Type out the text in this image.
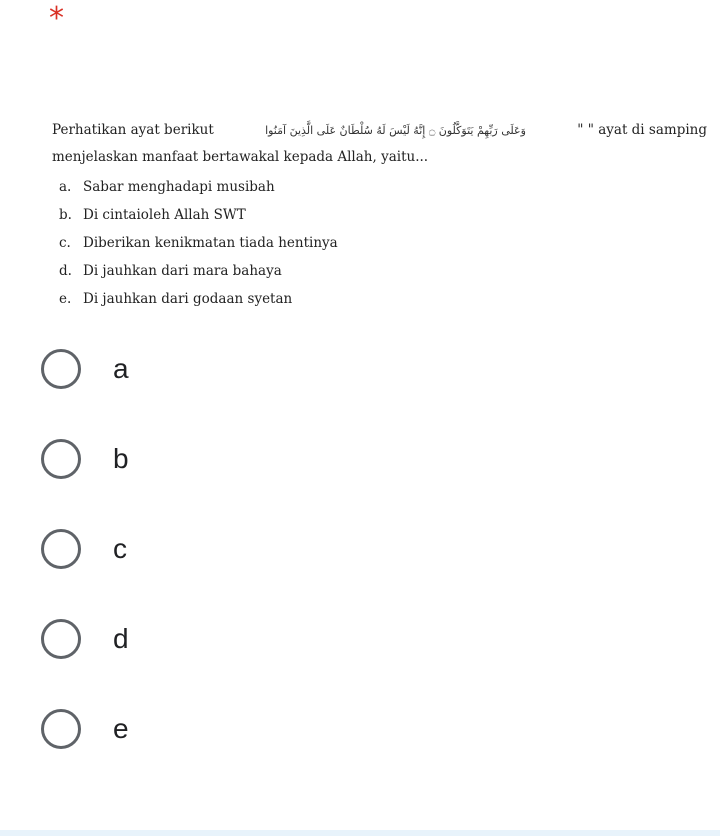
*
Perhatikan ayat berikut	وَعَلَى رَبِّهِمْ يَتَوَكَّلُونَ ۝ إِنَّهُ لَيْسَ لَهُ سُلْطَانٌ عَلَى الَّذِينَ آمَنُوا	" " ayat di samping
menjelaskan manfaat bertawakal kepada Allah, yaitu...
a. Sabar menghadapi musibah
b. Di cintaioleh Allah SWT
c. Diberikan kenikmatan tiada hentinya
d. Di jauhkan dari mara bahaya
e. Di jauhkan dari godaan syetan
a
b
c
d
e
